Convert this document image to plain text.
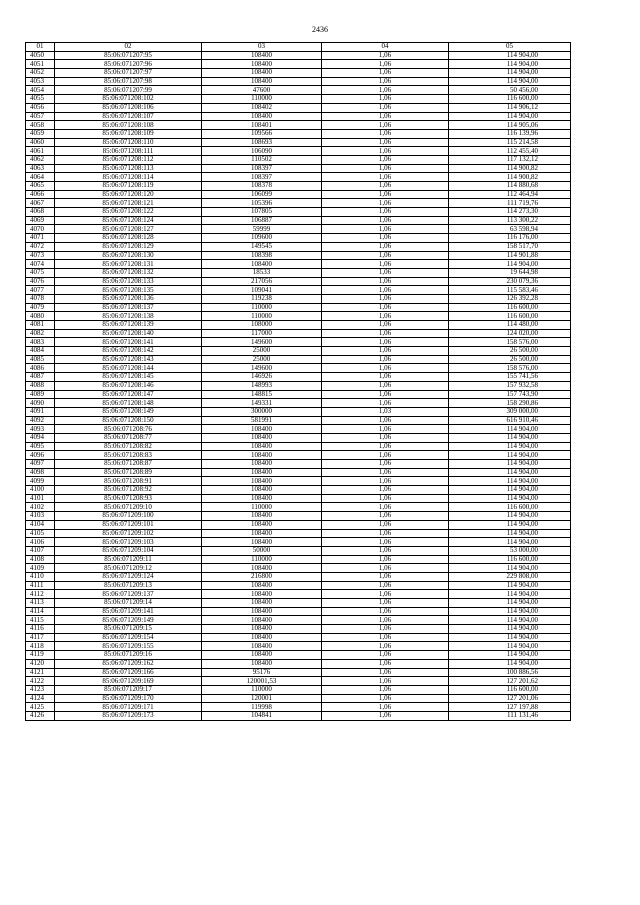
2436
01	02	03	04	05
4050	85:06:071207:95	108400	1,06	114 904,00
4051	85:06:071207:96	108400	1,06	114 904,00
4052	85:06:071207:97	108400	1,06	114 904,00
4053	85:06:071207:98	108400	1,06	114 904,00
4054	85:06:071207:99	47600	1,06	50 456,00
4055	85:06:071208:102	110000	1,06	116 600,00
4056	85:06:071208:106	108402	1,06	114 906,12
4057	85:06:071208:107	108400	1,06	114 904,00
4058	85:06:071208:108	108401	1,06	114 905,06
4059	85:06:071208:109	109566	1,06	116 139,96
4060	85:06:071208:110	108693	1,06	115 214,58
4061	85:06:071208:111	106090	1,06	112 455,40
4062	85:06:071208:112	110502	1,06	117 132,12
4063	85:06:071208:113	108397	1,06	114 900,82
4064	85:06:071208:114	108397	1,06	114 900,82
4065	85:06:071208:119	108378	1,06	114 880,68
4066	85:06:071208:120	106099	1,06	112 464,94
4067	85:06:071208:121	105396	1,06	111 719,76
4068	85:06:071208:122	107805	1,06	114 273,30
4069	85:06:071208:124	106887	1,06	113 300,22
4070	85:06:071208:127	59999	1,06	63 598,94
4071	85:06:071208:128	109600	1,06	116 176,00
4072	85:06:071208:129	149545	1,06	158 517,70
4073	85:06:071208:130	108398	1,06	114 901,88
4074	85:06:071208:131	108400	1,06	114 904,00
4075	85:06:071208:132	18533	1,06	19 644,98
4076	85:06:071208:133	217056	1,06	230 079,36
4077	85:06:071208:135	109041	1,06	115 583,46
4078	85:06:071208:136	119238	1,06	126 392,28
4079	85:06:071208:137	110000	1,06	116 600,00
4080	85:06:071208:138	110000	1,06	116 600,00
4081	85:06:071208:139	108000	1,06	114 480,00
4082	85:06:071208:140	117000	1,06	124 020,00
4083	85:06:071208:141	149600	1,06	158 576,00
4084	85:06:071208:142	25000	1,06	26 500,00
4085	85:06:071208:143	25000	1,06	26 500,00
4086	85:06:071208:144	149600	1,06	158 576,00
4087	85:06:071208:145	146926	1,06	155 741,56
4088	85:06:071208:146	148993	1,06	157 932,58
4089	85:06:071208:147	148815	1,06	157 743,90
4090	85:06:071208:148	149331	1,06	158 290,86
4091	85:06:071208:149	300000	1,03	309 000,00
4092	85:06:071208:150	581991	1,06	616 910,46
4093	85:06:071208:76	108400	1,06	114 904,00
4094	85:06:071208:77	108400	1,06	114 904,00
4095	85:06:071208:82	108400	1,06	114 904,00
4096	85:06:071208:83	108400	1,06	114 904,00
4097	85:06:071208:87	108400	1,06	114 904,00
4098	85:06:071208:89	108400	1,06	114 904,00
4099	85:06:071208:91	108400	1,06	114 904,00
4100	85:06:071208:92	108400	1,06	114 904,00
4101	85:06:071208:93	108400	1,06	114 904,00
4102	85:06:071209:10	110000	1,06	116 600,00
4103	85:06:071209:100	108400	1,06	114 904,00
4104	85:06:071209:101	108400	1,06	114 904,00
4105	85:06:071209:102	108400	1,06	114 904,00
4106	85:06:071209:103	108400	1,06	114 904,00
4107	85:06:071209:104	50000	1,06	53 000,00
4108	85:06:071209:11	110000	1,06	116 600,00
4109	85:06:071209:12	108400	1,06	114 904,00
4110	85:06:071209:124	216800	1,06	229 808,00
4111	85:06:071209:13	108400	1,06	114 904,00
4112	85:06:071209:137	108400	1,06	114 904,00
4113	85:06:071209:14	108400	1,06	114 904,00
4114	85:06:071209:141	108400	1,06	114 904,00
4115	85:06:071209:149	108400	1,06	114 904,00
4116	85:06:071209:15	108400	1,06	114 904,00
4117	85:06:071209:154	108400	1,06	114 904,00
4118	85:06:071209:155	108400	1,06	114 904,00
4119	85:06:071209:16	108400	1,06	114 904,00
4120	85:06:071209:162	108400	1,06	114 904,00
4121	85:06:071209:166	95176	1,06	100 886,56
4122	85:06:071209:169	120001,53	1,06	127 201,62
4123	85:06:071209:17	110000	1,06	116 600,00
4124	85:06:071209:170	120001	1,06	127 201,06
4125	85:06:071209:171	119998	1,06	127 197,88
4126	85:06:071209:173	104841	1,06	111 131,46
